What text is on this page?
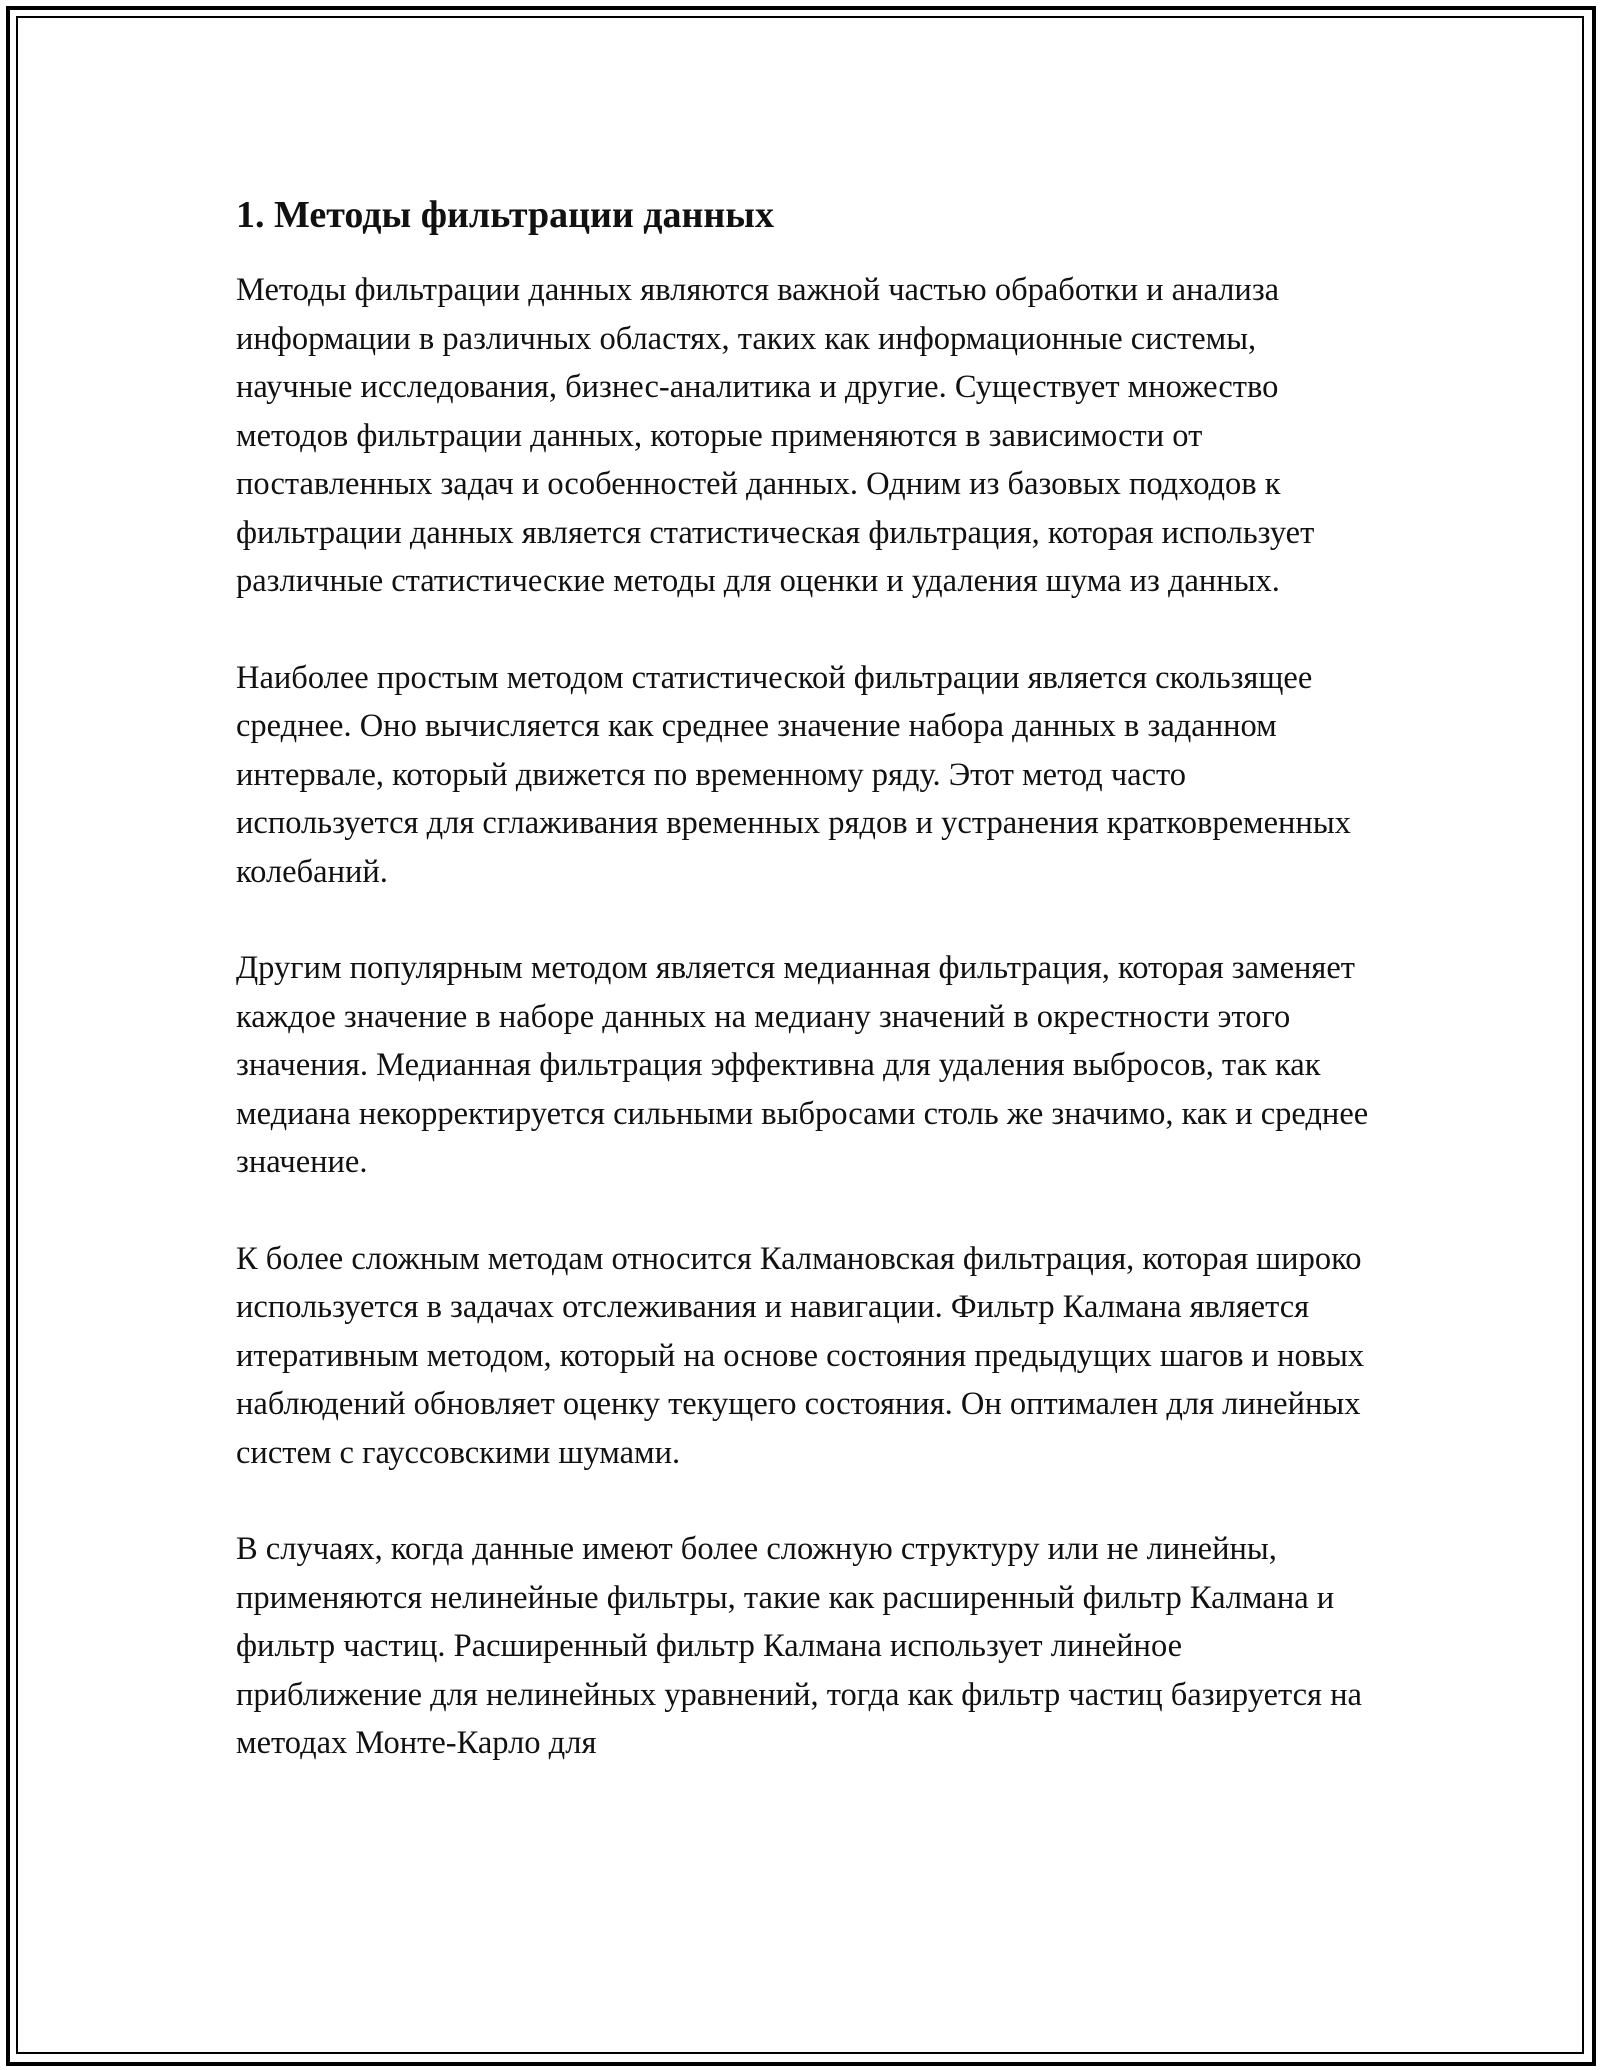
1. Методы фильтрации данных

Методы фильтрации данных являются важной частью обработки и анализа информации в различных областях, таких как информационные системы, научные исследования, бизнес-аналитика и другие. Существует множество методов фильтрации данных, которые применяются в зависимости от поставленных задач и особенностей данных. Одним из базовых подходов к фильтрации данных является статистическая фильтрация, которая использует различные статистические методы для оценки и удаления шума из данных.

Наиболее простым методом статистической фильтрации является скользящее среднее. Оно вычисляется как среднее значение набора данных в заданном интервале, который движется по временному ряду. Этот метод часто используется для сглаживания временных рядов и устранения кратковременных колебаний.

Другим популярным методом является медианная фильтрация, которая заменяет каждое значение в наборе данных на медиану значений в окрестности этого значения. Медианная фильтрация эффективна для удаления выбросов, так как медиана некорректируется сильными выбросами столь же значимо, как и среднее значение.

К более сложным методам относится Калмановская фильтрация, которая широко используется в задачах отслеживания и навигации. Фильтр Калмана является итеративным методом, который на основе состояния предыдущих шагов и новых наблюдений обновляет оценку текущего состояния. Он оптимален для линейных систем с гауссовскими шумами.

В случаях, когда данные имеют более сложную структуру или не линейны, применяются нелинейные фильтры, такие как расширенный фильтр Калмана и фильтр частиц. Расширенный фильтр Калмана использует линейное приближение для нелинейных уравнений, тогда как фильтр частиц базируется на методах Монте-Карло для
